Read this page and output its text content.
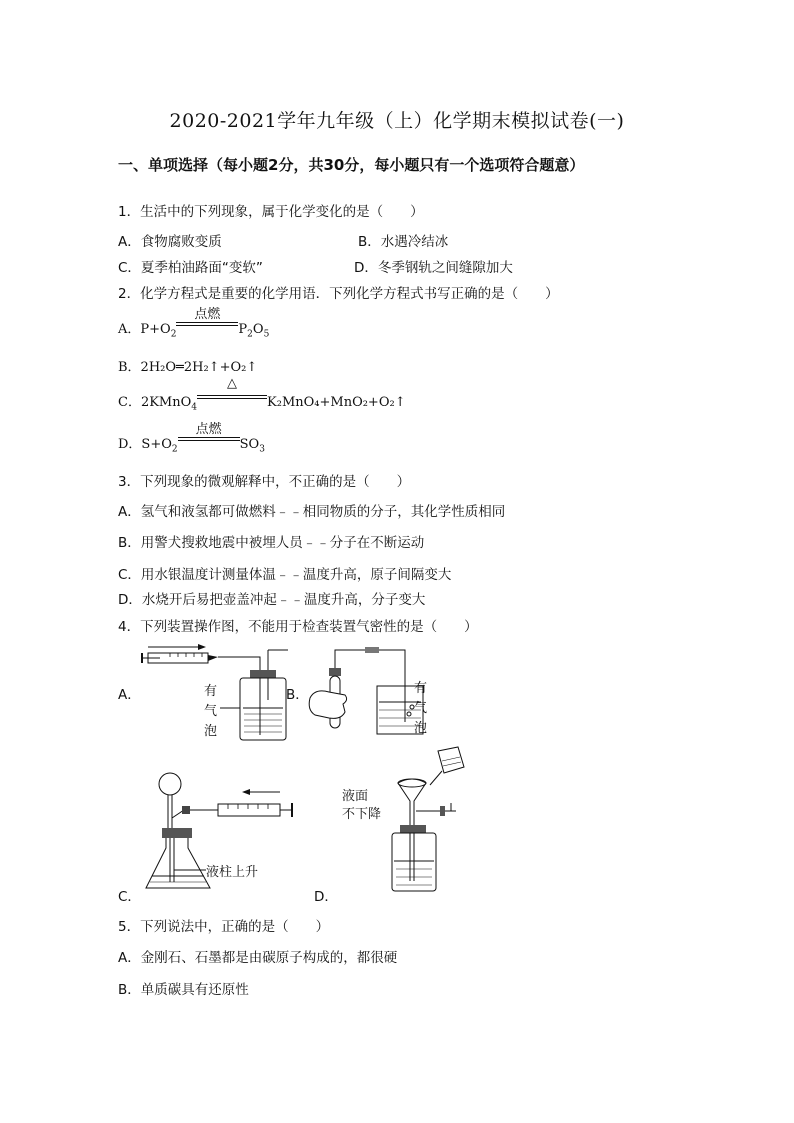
2020-2021学年九年级（上）化学期末模拟试卷(一)
一、单项选择（每小题2分，共30分，每小题只有一个选项符合题意）
1．生活中的下列现象，属于化学变化的是（　　）
A．食物腐败变质	B．水遇冷结冰
C．夏季柏油路面“变软”	D．冬季钢轨之间缝隙加大
2．化学方程式是重要的化学用语．下列化学方程式书写正确的是（　　）
A．$P+O_2$
点燃
$P_2O_5$
B．2H₂O═2H₂↑+O₂↑
C．2KMnO$_4$
△
K₂MnO₄+MnO₂+O₂↑
D．$S+O_2$
点燃
$SO_3$
3．下列现象的微观解释中，不正确的是（　　）
A．氢气和液氢都可做燃料﹣﹣相同物质的分子，其化学性质相同
B．用警犬搜救地震中被埋人员﹣﹣分子在不断运动
C．用水银温度计测量体温﹣﹣温度升高，原子间隔变大
D．水烧开后易把壶盖冲起﹣﹣温度升高，分子变大
4．下列装置操作图，不能用于检查装置气密性的是（　　）
A．	B．
C．	D．
有
气
泡
有
气
泡
液柱上升
液面
不下降
5．下列说法中，正确的是（　　）
A．金刚石、石墨都是由碳原子构成的，都很硬
B．单质碳具有还原性
